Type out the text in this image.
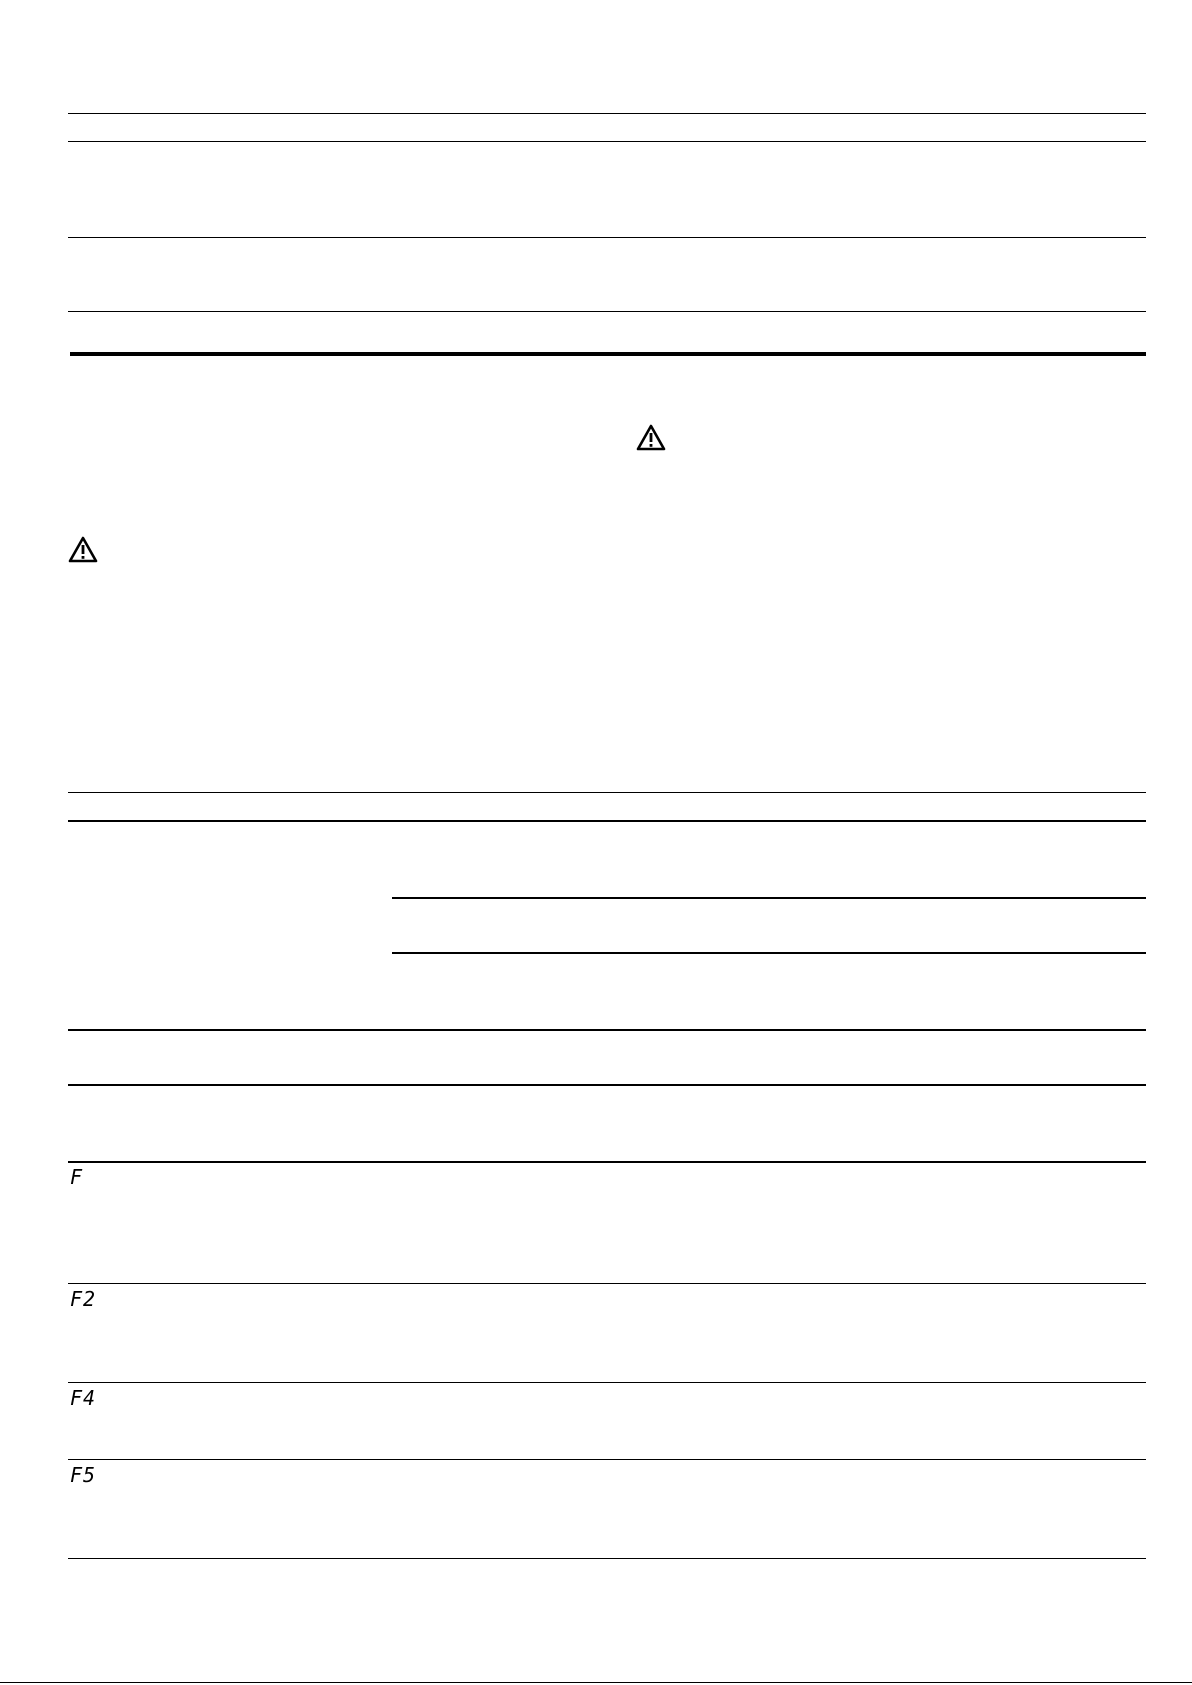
F
F2
F4
F5
